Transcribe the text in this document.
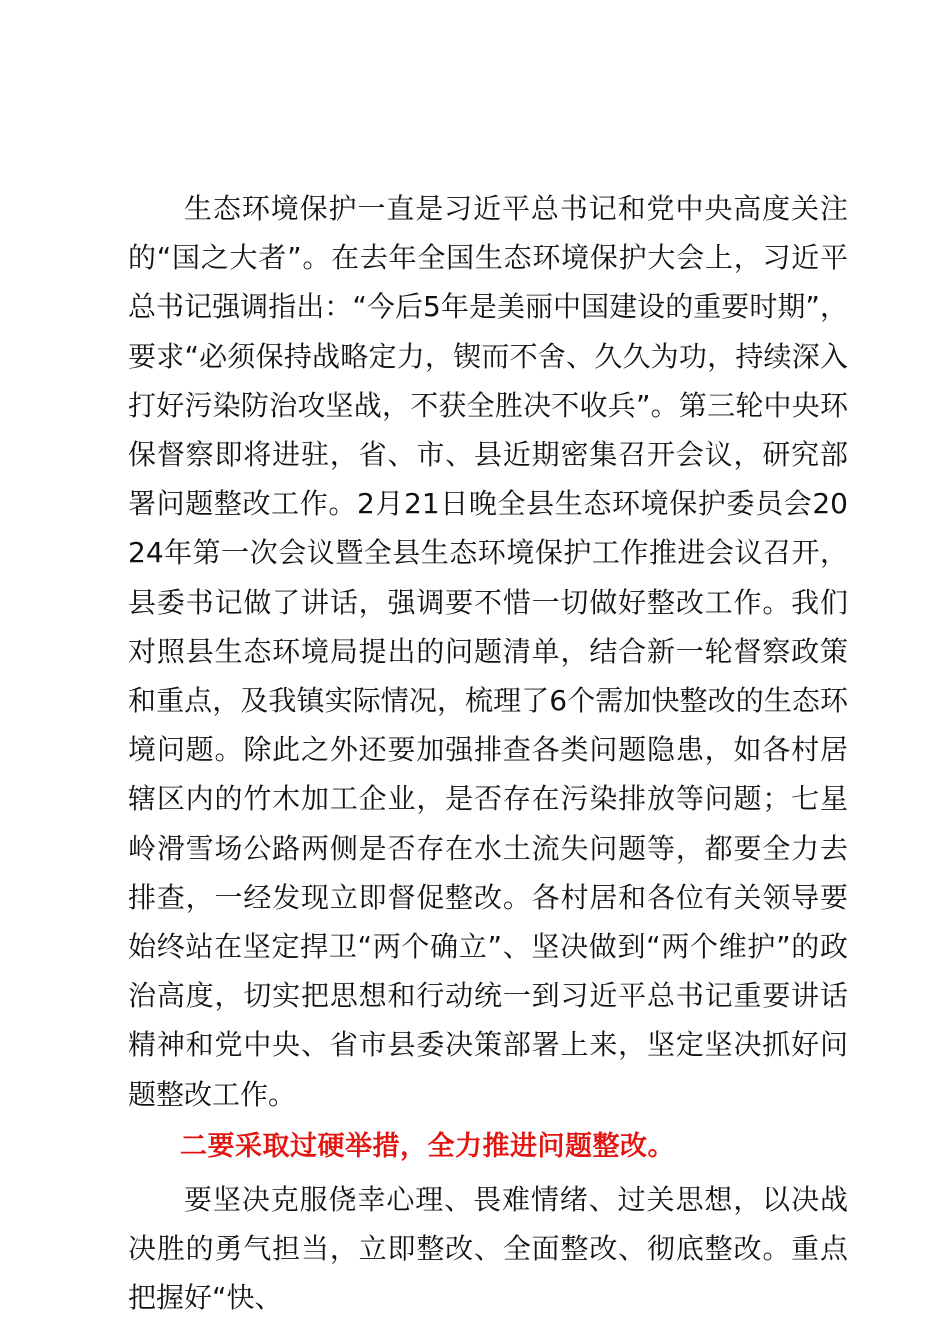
生态环境保护一直是习近平总书记和党中央高度关注的“国之大者”。在去年全国生态环境保护大会上，习近平总书记强调指出：“今后5年是美丽中国建设的重要时期”，要求“必须保持战略定力，锲而不舍、久久为功，持续深入打好污染防治攻坚战，不获全胜决不收兵”。第三轮中央环保督察即将进驻，省、市、县近期密集召开会议，研究部署问题整改工作。2月21日晚全县生态环境保护委员会2024年第一次会议暨全县生态环境保护工作推进会议召开，县委书记做了讲话，强调要不惜一切做好整改工作。我们对照县生态环境局提出的问题清单，结合新一轮督察政策和重点，及我镇实际情况，梳理了6个需加快整改的生态环境问题。除此之外还要加强排查各类问题隐患，如各村居辖区内的竹木加工企业，是否存在污染排放等问题；七星岭滑雪场公路两侧是否存在水土流失问题等，都要全力去排查，一经发现立即督促整改。各村居和各位有关领导要始终站在坚定捍卫“两个确立”、坚决做到“两个维护”的政治高度，切实把思想和行动统一到习近平总书记重要讲话精神和党中央、省市县委决策部署上来，坚定坚决抓好问题整改工作。

二要采取过硬举措，全力推进问题整改。

要坚决克服侥幸心理、畏难情绪、过关思想，以决战决胜的勇气担当，立即整改、全面整改、彻底整改。重点把握好“快、
